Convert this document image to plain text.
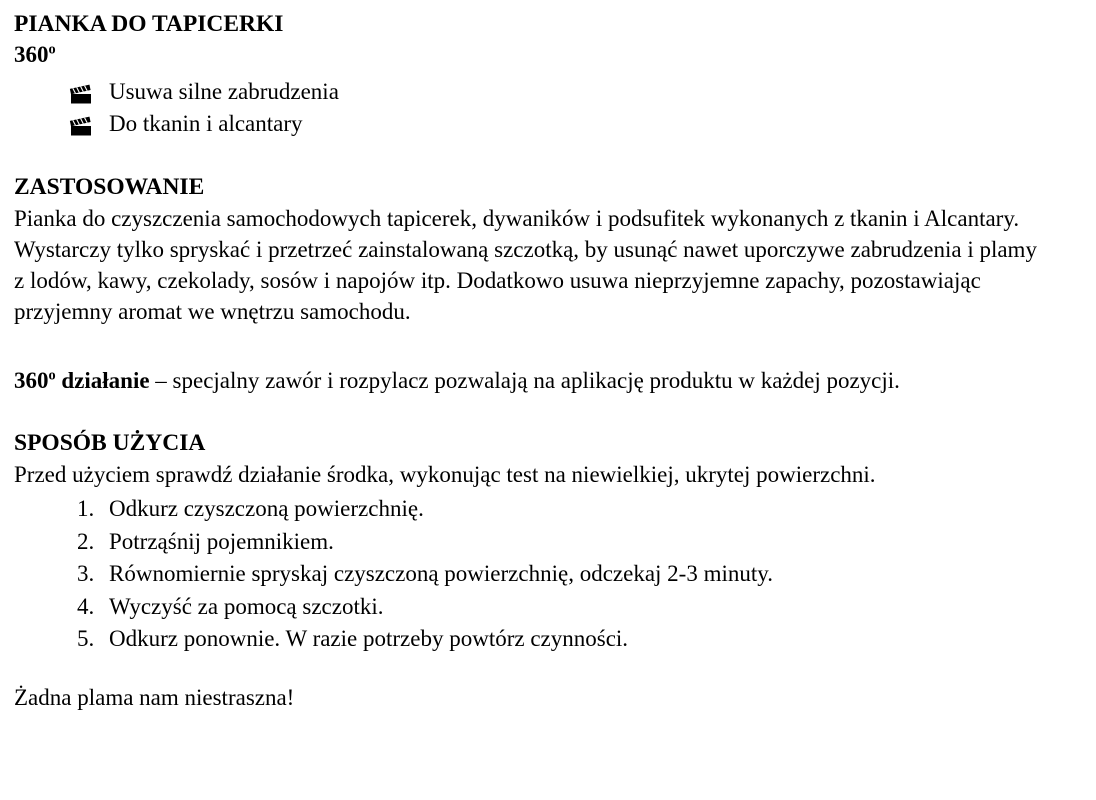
PIANKA DO TAPICERKI
360$^o$
Usuwa silne zabrudzenia
Do tkanin i alcantary
ZASTOSOWANIE

Pianka do czyszczenia samochodowych tapicerek, dywaników i podsufitek wykonanych z tkanin i Alcantary. Wystarczy tylko spryskać i przetrzeć zainstalowaną szczotką, by usunąć nawet uporczywe zabrudzenia i plamy z lodów, kawy, czekolady, sosów i napojów itp. Dodatkowo usuwa nieprzyjemne zapachy, pozostawiając przyjemny aromat we wnętrzu samochodu.

360$^o$ działanie – specjalny zawór i rozpylacz pozwalają na aplikację produktu w każdej pozycji.

SPOSÓB UŻYCIA

Przed użyciem sprawdź działanie środka, wykonując test na niewielkiej, ukrytej powierzchni.

1. Odkurz czyszczoną powierzchnię.
2. Potrząśnij pojemnikiem.
3. Równomiernie spryskaj czyszczoną powierzchnię, odczekaj 2-3 minuty.
4. Wyczyść za pomocą szczotki.
5. Odkurz ponownie. W razie potrzeby powtórz czynności.

Żadna plama nam niestraszna!
